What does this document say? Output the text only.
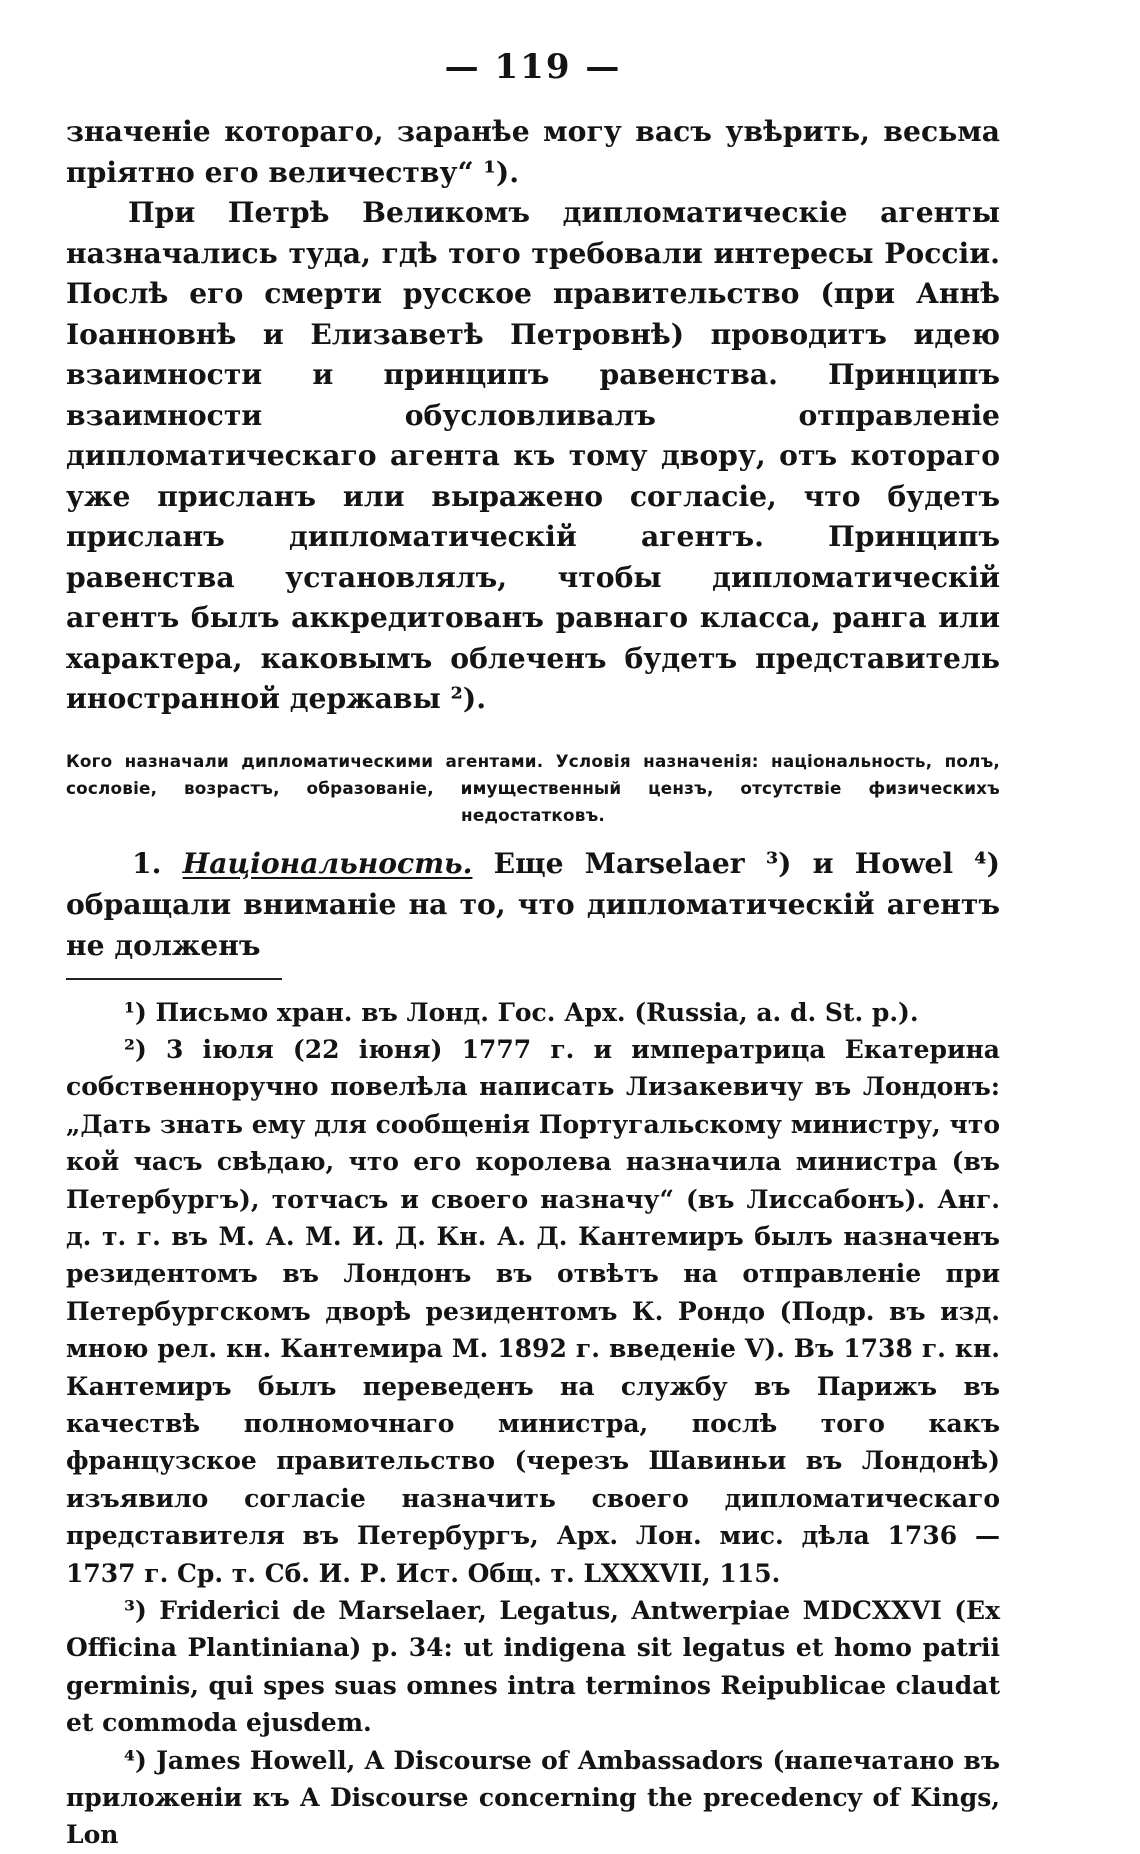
— 119 —

значеніе котораго, заранѣе могу васъ увѣрить, весьма пріятно его величеству“ ¹).

При Петрѣ Великомъ дипломатическіе агенты назначались туда, гдѣ того требовали интересы Россіи. Послѣ его смерти русское правительство (при Аннѣ Іоанновнѣ и Елизаветѣ Петровнѣ) проводитъ идею взаимности и принципъ равенства. Принципъ взаимности обусловливалъ отправленіе дипломатическаго агента къ тому двору, отъ котораго уже присланъ или выражено согласіе, что будетъ присланъ дипломатическій агентъ. Принципъ равенства установлялъ, чтобы дипломатическій агентъ былъ аккредитованъ равнаго класса, ранга или характера, каковымъ облеченъ будетъ представитель иностранной державы ²).

Кого назначали дипломатическими агентами. Условія назначенія: національность, полъ, сословіе, возрастъ, образованіе, имущественный цензъ, отсутствіе физическихъ недостатковъ.

1. Національность. Еще Marselaer ³) и Howel ⁴) обращали вниманіе на то, что дипломатическій агентъ не долженъ

¹) Письмо хран. въ Лонд. Гос. Арх. (Russia, a. d. St. p.).

²) 3 іюля (22 іюня) 1777 г. и императрица Екатерина собственноручно повелѣла написать Лизакевичу въ Лондонъ: „Дать знать ему для сообщенія Португальскому министру, что кой часъ свѣдаю, что его королева назначила министра (въ Петербургъ), тотчасъ и своего назначу“ (въ Лиссабонъ). Анг. д. т. г. въ М. А. М. И. Д. Кн. А. Д. Кантемиръ былъ назначенъ резидентомъ въ Лондонъ въ отвѣтъ на отправленіе при Петербургскомъ дворѣ резидентомъ К. Рондо (Подр. въ изд. мною рел. кн. Кантемира М. 1892 г. введеніе V). Въ 1738 г. кн. Кантемиръ былъ переведенъ на службу въ Парижъ въ качествѣ полномочнаго министра, послѣ того какъ французское правительство (черезъ Шавиньи въ Лондонѣ) изъявило согласіе назначить своего дипломатическаго представителя въ Петербургъ, Арх. Лон. мис. дѣла 1736 — 1737 г. Ср. т. Сб. И. Р. Ист. Общ. т. LXXXVII, 115.

³) Friderici de Marselaer, Legatus, Antwerpiae MDCXXVI (Ex Officina Plantiniana) p. 34: ut indigena sit legatus et homo patrii germinis, qui spes suas omnes intra terminos Reipublicae claudat et commoda ejusdem.

⁴) James Howell, A Discourse of Ambassadors (напечатано въ приложеніи къ A Discourse concerning the precedency of Kings, Lon
